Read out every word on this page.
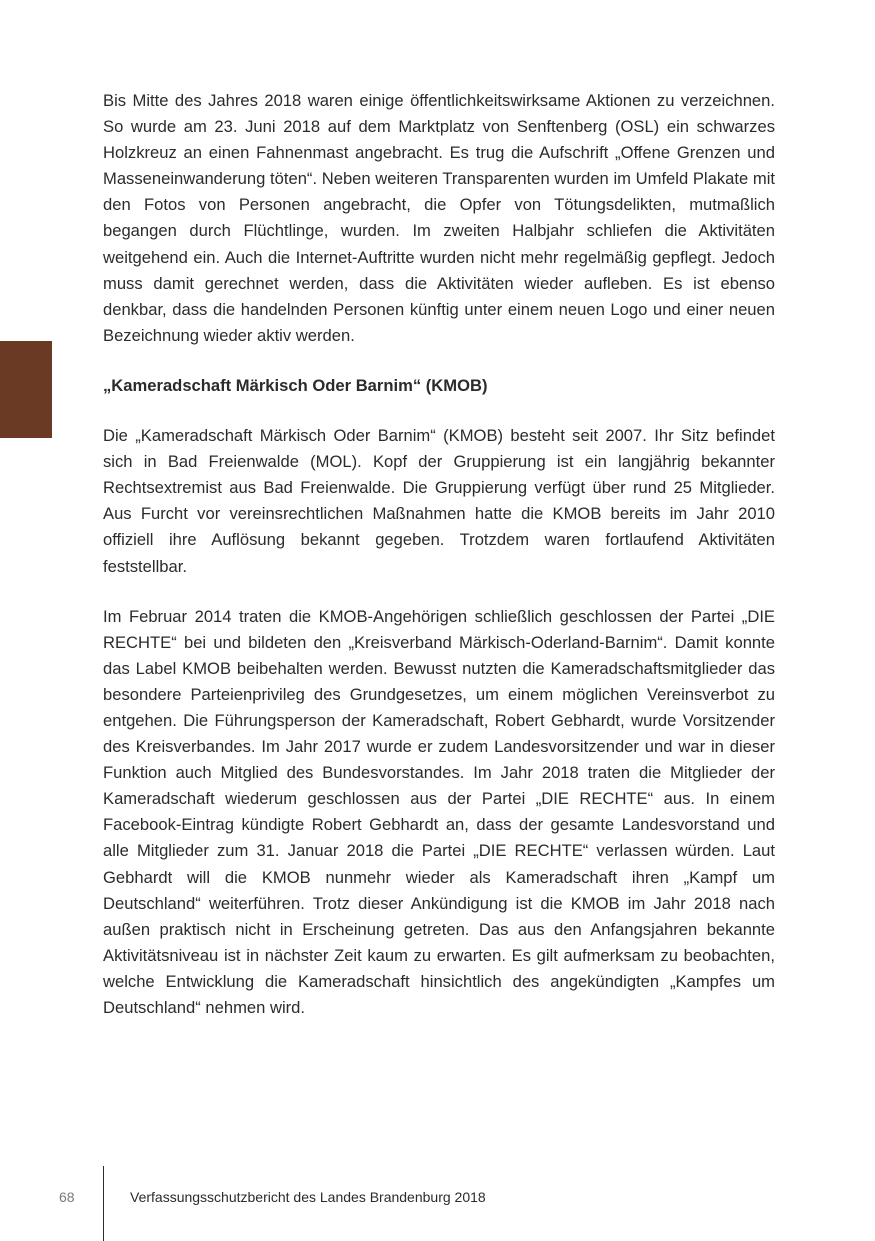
Bis Mitte des Jahres 2018 waren einige öffentlichkeitswirksame Aktionen zu verzeichnen. So wurde am 23. Juni 2018 auf dem Marktplatz von Senftenberg (OSL) ein schwarzes Holzkreuz an einen Fahnenmast angebracht. Es trug die Aufschrift „Offene Grenzen und Masseneinwanderung töten“. Neben weiteren Transparenten wurden im Umfeld Plakate mit den Fotos von Personen angebracht, die Opfer von Tötungsdelikten, mutmaßlich begangen durch Flüchtlinge, wurden. Im zweiten Halbjahr schliefen die Aktivitäten weitgehend ein. Auch die Internet-Auftritte wurden nicht mehr regelmäßig gepflegt. Jedoch muss damit gerechnet werden, dass die Aktivitäten wieder aufleben. Es ist ebenso denkbar, dass die handelnden Personen künftig unter einem neuen Logo und einer neuen Bezeichnung wieder aktiv werden.

„Kameradschaft Märkisch Oder Barnim“ (KMOB)

Die „Kameradschaft Märkisch Oder Barnim“ (KMOB) besteht seit 2007. Ihr Sitz befindet sich in Bad Freienwalde (MOL). Kopf der Gruppierung ist ein langjährig bekannter Rechtsextremist aus Bad Freienwalde. Die Gruppierung verfügt über rund 25 Mitglieder. Aus Furcht vor vereinsrechtlichen Maßnahmen hatte die KMOB bereits im Jahr 2010 offiziell ihre Auflösung bekannt gegeben. Trotzdem waren fortlaufend Aktivitäten feststellbar.

Im Februar 2014 traten die KMOB-Angehörigen schließlich geschlossen der Partei „DIE RECHTE“ bei und bildeten den „Kreisverband Märkisch-Oderland-Barnim“. Damit konnte das Label KMOB beibehalten werden. Bewusst nutzten die Kameradschaftsmitglieder das besondere Parteienprivileg des Grundgesetzes, um einem möglichen Vereinsverbot zu entgehen. Die Führungsperson der Kameradschaft, Robert Gebhardt, wurde Vorsitzender des Kreisverbandes. Im Jahr 2017 wurde er zudem Landesvorsitzender und war in dieser Funktion auch Mitglied des Bundesvorstandes. Im Jahr 2018 traten die Mitglieder der Kameradschaft wiederum geschlossen aus der Partei „DIE RECHTE“ aus. In einem Facebook-Eintrag kündigte Robert Gebhardt an, dass der gesamte Landesvorstand und alle Mitglieder zum 31. Januar 2018 die Partei „DIE RECHTE“ verlassen würden. Laut Gebhardt will die KMOB nunmehr wieder als Kameradschaft ihren „Kampf um Deutschland“ weiterführen. Trotz dieser Ankündigung ist die KMOB im Jahr 2018 nach außen praktisch nicht in Erscheinung getreten. Das aus den Anfangsjahren bekannte Aktivitätsniveau ist in nächster Zeit kaum zu erwarten. Es gilt aufmerksam zu beobachten, welche Entwicklung die Kameradschaft hinsichtlich des angekündigten „Kampfes um Deutschland“ nehmen wird.

68	Verfassungsschutzbericht des Landes Brandenburg 2018
